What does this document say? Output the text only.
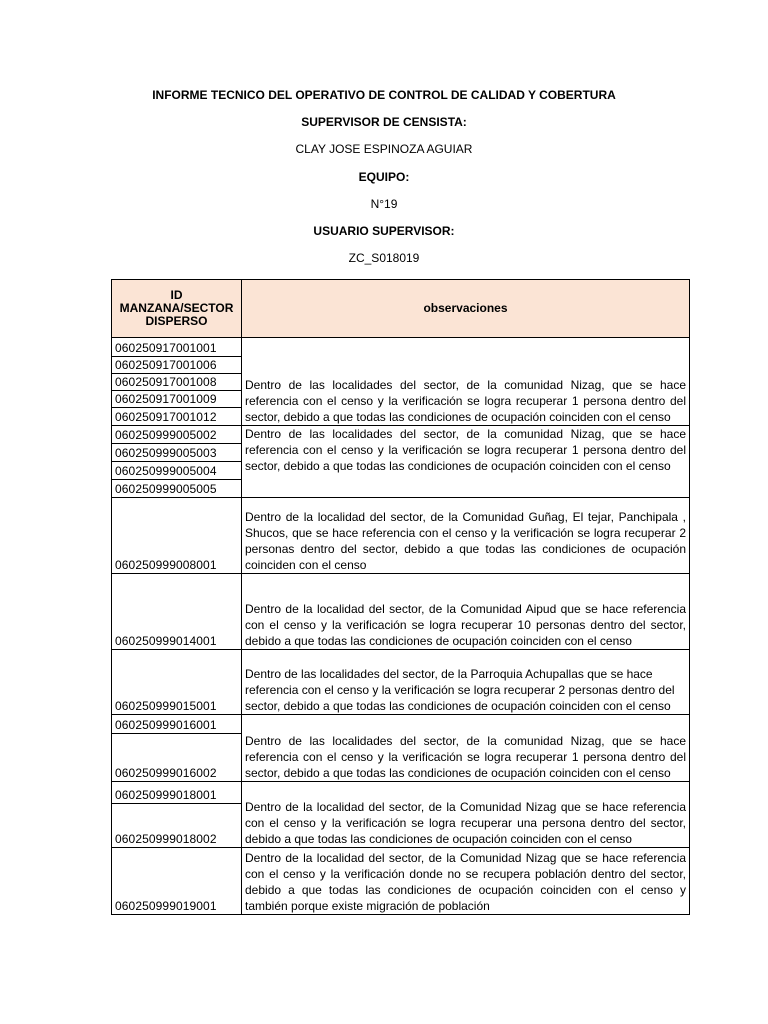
INFORME TECNICO DEL OPERATIVO DE CONTROL DE CALIDAD Y COBERTURA
SUPERVISOR DE CENSISTA:
CLAY JOSE ESPINOZA AGUIAR
EQUIPO:
N°19
USUARIO SUPERVISOR:
ZC_S018019
ID MANZANA/SECTOR DISPERSO	observaciones
060250917001001	Dentro de las localidades del sector, de la comunidad Nizag, que se hace referencia con el censo y la verificación se logra recuperar 1 persona dentro del sector, debido a que todas las condiciones de ocupación coinciden con el censo
060250917001006	
060250917001008	
060250917001009	
060250917001012	
060250999005002	Dentro de las localidades del sector, de la comunidad Nizag, que se hace referencia con el censo y la verificación se logra recuperar 1 persona dentro del sector, debido a que todas las condiciones de ocupación coinciden con el censo
060250999005003	
060250999005004	
060250999005005	
060250999008001	Dentro de la localidad del sector, de la Comunidad Guñag, El tejar, Panchipala , Shucos, que se hace referencia con el censo y la verificación se logra recuperar 2 personas dentro del sector, debido a que todas las condiciones de ocupación coinciden con el censo
060250999014001	Dentro de la localidad del sector, de la Comunidad Aipud que se hace referencia con el censo y la verificación se logra recuperar 10 personas dentro del sector, debido a que todas las condiciones de ocupación coinciden con el censo
060250999015001	Dentro de las localidades del sector, de la Parroquia Achupallas que se hace referencia con el censo y la verificación se logra recuperar 2 personas dentro del sector, debido a que todas las condiciones de ocupación coinciden con el censo
060250999016001	Dentro de las localidades del sector, de la comunidad Nizag, que se hace referencia con el censo y la verificación se logra recuperar 1 persona dentro del sector, debido a que todas las condiciones de ocupación coinciden con el censo
060250999016002	
060250999018001	Dentro de la localidad del sector, de la Comunidad Nizag que se hace referencia con el censo y la verificación se logra recuperar una persona dentro del sector, debido a que todas las condiciones de ocupación coinciden con el censo
060250999018002	
060250999019001	Dentro de la localidad del sector, de la Comunidad Nizag que se hace referencia con el censo y la verificación donde no se recupera población dentro del sector, debido a que todas las condiciones de ocupación coinciden con el censo y también porque existe migración de población
